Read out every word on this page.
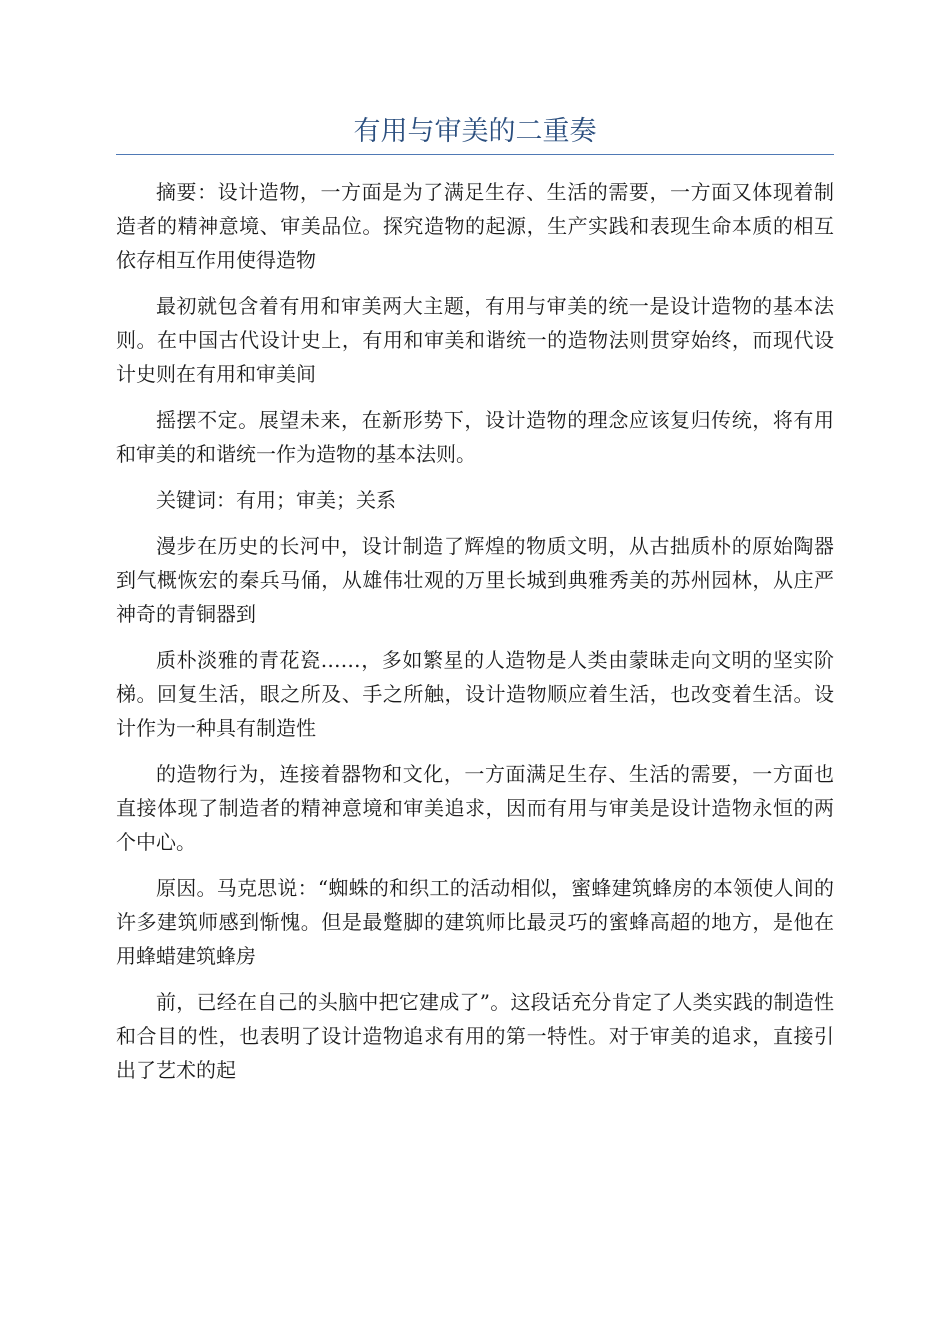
有用与审美的二重奏

摘要：设计造物，一方面是为了满足生存、生活的需要，一方面又体现着制造者的精神意境、审美品位。探究造物的起源，生产实践和表现生命本质的相互依存相互作用使得造物

最初就包含着有用和审美两大主题，有用与审美的统一是设计造物的基本法则。在中国古代设计史上，有用和审美和谐统一的造物法则贯穿始终，而现代设计史则在有用和审美间

摇摆不定。展望未来，在新形势下，设计造物的理念应该复归传统，将有用和审美的和谐统一作为造物的基本法则。

关键词：有用；审美；关系

漫步在历史的长河中，设计制造了辉煌的物质文明，从古拙质朴的原始陶器到气概恢宏的秦兵马俑，从雄伟壮观的万里长城到典雅秀美的苏州园林，从庄严神奇的青铜器到

质朴淡雅的青花瓷……，多如繁星的人造物是人类由蒙昧走向文明的坚实阶梯。回复生活，眼之所及、手之所触，设计造物顺应着生活，也改变着生活。设计作为一种具有制造性

的造物行为，连接着器物和文化，一方面满足生存、生活的需要，一方面也直接体现了制造者的精神意境和审美追求，因而有用与审美是设计造物永恒的两个中心。

原因。马克思说：“蜘蛛的和织工的活动相似，蜜蜂建筑蜂房的本领使人间的许多建筑师感到惭愧。但是最蹩脚的建筑师比最灵巧的蜜蜂高超的地方，是他在用蜂蜡建筑蜂房

前，已经在自己的头脑中把它建成了”。这段话充分肯定了人类实践的制造性和合目的性，也表明了设计造物追求有用的第一特性。对于审美的追求，直接引出了艺术的起
